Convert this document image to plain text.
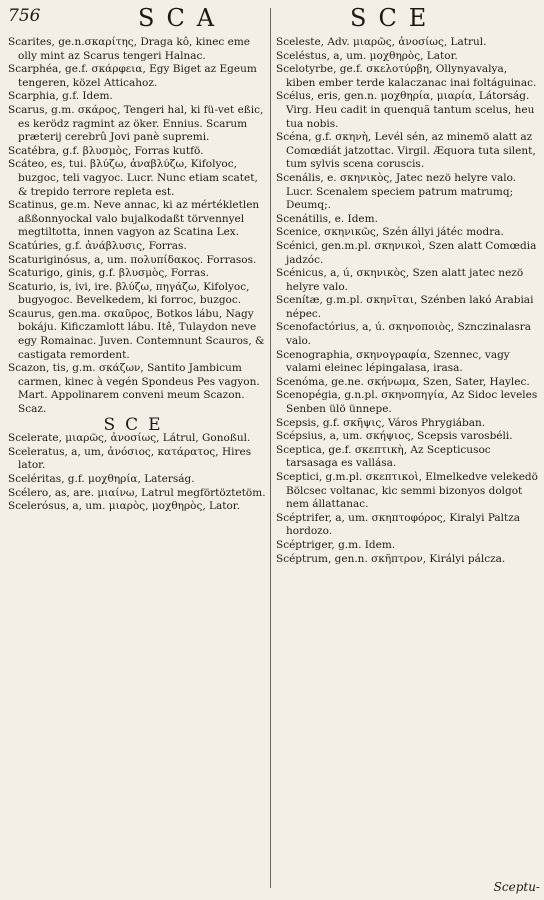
756	SCA	SCE

Scarites, ge.n.σκαρίτης, Draga kô, kinec eme olly mint az Scarus tengeri Halnac.

Scarphéa, ge.f. σκάρφεια, Egy Biget az Egeum tengeren, közel Atticahoz.

Scarphia, g.f. Idem.

Scarus, g.m. σκάρος, Tengeri hal, ki fü-vet eßic, es kerödz ragmint az öker. Ennius. Scarum præterij cerebrû Jovi panè supremi.

Scatébra, g.f. βλυσμὸς, Forras kutfö.

Scáteo, es, tui. βλύζω, ἀναβλύζω, Kifolyoc, buzgoc, teli vagyoc. Lucr. Nunc etiam scatet, & trepido terrore repleta est.

Scatinus, ge.m. Neve annac, ki az mértékletlen aßßonnyockal valo bujalkodaßt törvennyel megtiltotta, innen vagyon az Scatina Lex.

Scatúries, g.f. ἀνάβλυσις, Forras.

Scaturiginósus, a, um. πολυπίδακος. Forrasos.

Scaturigo, ginis, g.f. βλυσμὸς, Forras.

Scaturio, is, ivi, ire. βλύζω, πηγάζω, Kifolyoc, bugyogoc. Bevelkedem, ki forroc, buzgoc.

Scaurus, gen.ma. σκαῦρος, Botkos lábu, Nagy bokáju. Kificzamlott lábu. Itê, Tulaydon neve egy Romainac. Juven. Contemnunt Scauros, & castigata remordent.

Scazon, tis, g.m. σκάζων, Santito Jambicum carmen, kinec à vegén Spondeus Pes vagyon. Mart. Appolinarem conveni meum Scazon. Scaz.

SCE

Scelerate, μιαρῶς, ἀνοσίως, Látrul, Gonoßul.

Sceleratus, a, um, ἀνόσιος, κατάρατος, Hires lator.

Sceléritas, g.f. μοχθηρία, Laterság.

Scélero, as, are. μιαίνω, Latrul megförtöztetöm.

Scelerósus, a, um. μιαρὸς, μοχθηρὸς, Lator.

Sceleste, Adv. μιαρῶς, ἀνοσίως, Latrul.

Sceléstus, a, um. μοχθηρὸς, Lator.

Scelotyrbe, ge.f. σκελοτύρβη, Ollynyavalya, kiben ember terde kalaczanac inai foltáguinac.

Scélus, eris, gen.n. μοχθηρία, μιαρία, Látorság. Virg. Heu cadit in quenquã tantum scelus, heu tua nobis.

Scéna, g.f. σκηνὴ, Levél sén, az minemö alatt az Comœdiát jatzottac. Virgil. Æquora tuta silent, tum sylvis scena coruscis.

Scenális, e. σκηνικὸς, Jatec nezö helyre valo. Lucr. Scenalem speciem patrum matrumq; Deumq;.

Scenátilis, e. Idem.

Scenice, σκηνικῶς, Szén állyi játéc modra.

Scénici, gen.m.pl. σκηνικοὶ, Szen alatt Comœdia jadzóc.

Scénicus, a, ú, σκηνικὸς, Szen alatt jatec nezö helyre valo.

Scenítæ, g.m.pl. σκηνῖται, Szénben lakó Arabiai népec.

Scenofactórius, a, ú. σκηνοποιὸς, Sznczinalasra valo.

Scenographia, σκηνογραφία, Szennec, vagy valami eleinec lépingalasa, irasa.

Scenóma, ge.ne. σκήνωμα, Szen, Sater, Haylec.

Scenopégia, g.n.pl. σκηνοπηγία, Az Sidoc leveles Senben ülö ünnepe.

Scepsis, g.f. σκῆψις, Város Phrygiában.

Scépsius, a, um. σκήψιος, Scepsis varosbéli.

Sceptica, ge.f. σκεπτικὴ, Az Scepticusoc tarsasaga es vallása.

Sceptici, g.m.pl. σκεπτικοὶ, Elmelkedve velekedö Bölcsec voltanac, kic semmi bizonyos dolgot nem állattanac.

Scéptrifer, a, um. σκηπτοφόρος, Kiralyi Paltza hordozo.

Scéptriger, g.m. Idem.

Scéptrum, gen.n. σκῆπτρον, Királyi pálcza.

Sceptu-
